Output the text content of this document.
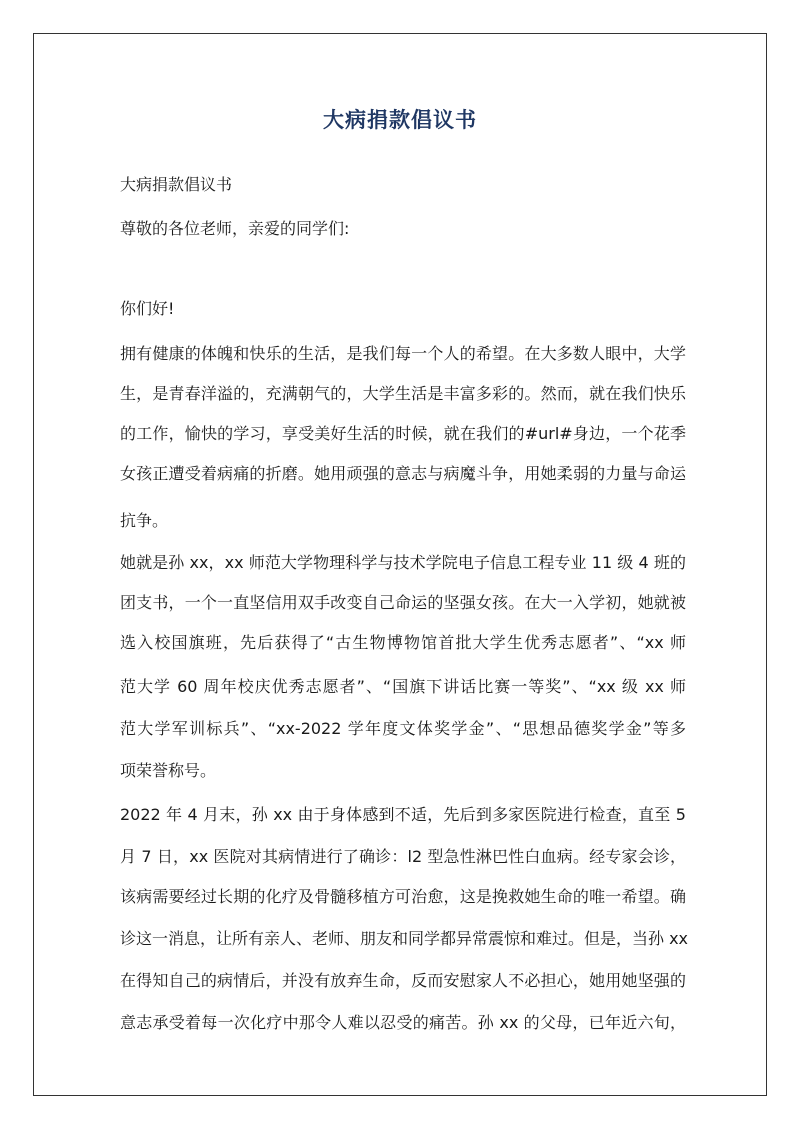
大病捐款倡议书
大病捐款倡议书
尊敬的各位老师，亲爱的同学们:
你们好!
拥有健康的体魄和快乐的生活，是我们每一个人的希望。在大多数人眼中，大学
生，是青春洋溢的，充满朝气的，大学生活是丰富多彩的。然而，就在我们快乐
的工作，愉快的学习，享受美好生活的时候，就在我们的#url#身边，一个花季
女孩正遭受着病痛的折磨。她用顽强的意志与病魔斗争，用她柔弱的力量与命运
抗争。
她就是孙 xx，xx 师范大学物理科学与技术学院电子信息工程专业 11 级 4 班的
团支书，一个一直坚信用双手改变自己命运的坚强女孩。在大一入学初，她就被
选入校国旗班，先后获得了“古生物博物馆首批大学生优秀志愿者”、“xx 师
范大学 60 周年校庆优秀志愿者”、“国旗下讲话比赛一等奖”、“xx 级 xx 师
范大学军训标兵”、“xx-2022 学年度文体奖学金”、“思想品德奖学金”等多
项荣誉称号。
2022 年 4 月末，孙 xx 由于身体感到不适，先后到多家医院进行检查，直至 5
月 7 日，xx 医院对其病情进行了确诊：l2 型急性淋巴性白血病。经专家会诊，
该病需要经过长期的化疗及骨髓移植方可治愈，这是挽救她生命的唯一希望。确
诊这一消息，让所有亲人、老师、朋友和同学都异常震惊和难过。但是，当孙 xx
在得知自己的病情后，并没有放弃生命，反而安慰家人不必担心，她用她坚强的
意志承受着每一次化疗中那令人难以忍受的痛苦。孙 xx 的父母，已年近六旬，
